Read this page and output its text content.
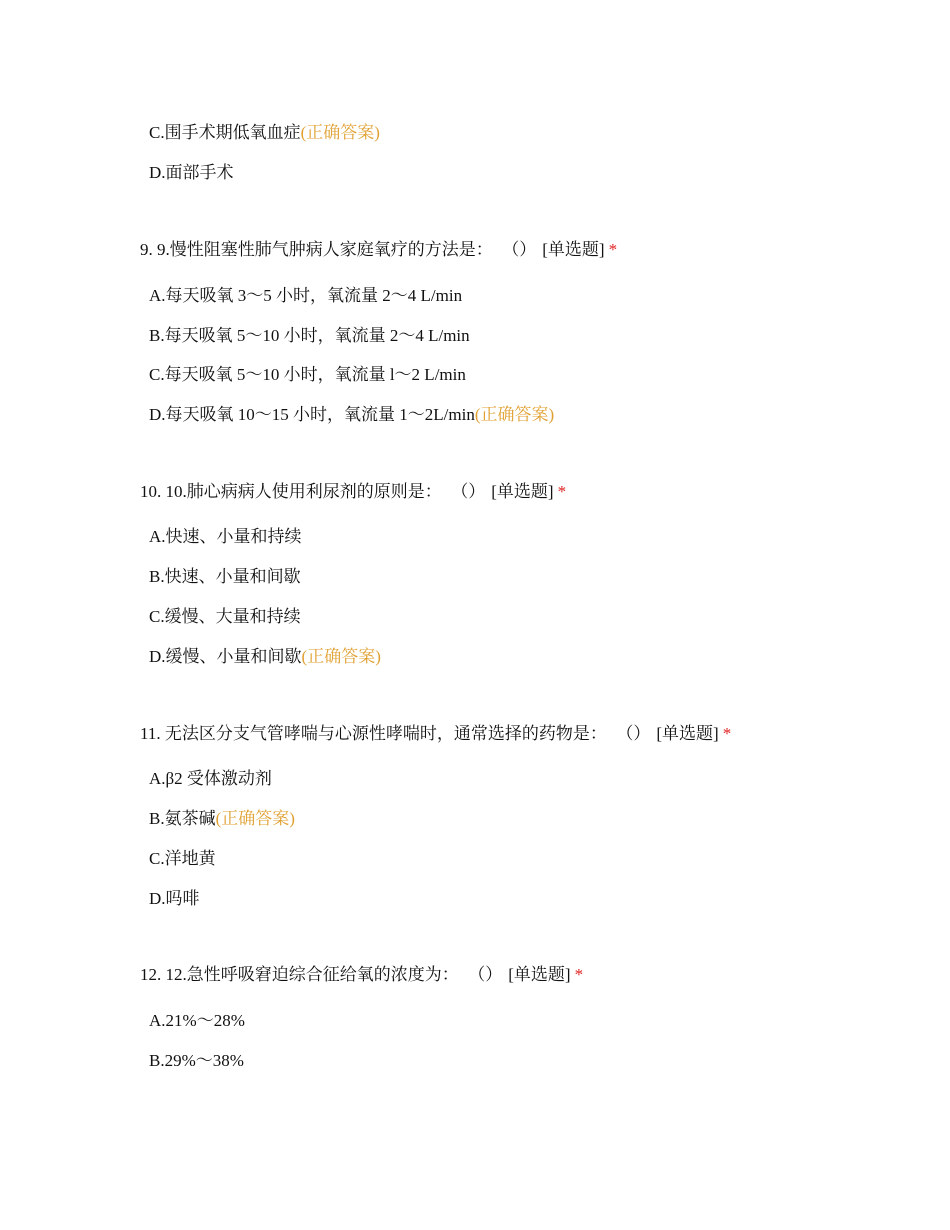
C.围手术期低氧血症(正确答案)
D.面部手术
9. 9.慢性阻塞性肺气肿病人家庭氧疗的方法是： （） [单选题] *
A.每天吸氧 3～5 小时，氧流量 2～4 L/min
B.每天吸氧 5～10 小时，氧流量 2～4 L/min
C.每天吸氧 5～10 小时，氧流量 l～2 L/min
D.每天吸氧 10～15 小时，氧流量 1～2L/min(正确答案)
10. 10.肺心病病人使用利尿剂的原则是： （） [单选题] *
A.快速、小量和持续
B.快速、小量和间歇
C.缓慢、大量和持续
D.缓慢、小量和间歇(正确答案)
11. 无法区分支气管哮喘与心源性哮喘时，通常选择的药物是： （） [单选题] *
A.β2 受体激动剂
B.氨茶碱(正确答案)
C.洋地黄
D.吗啡
12. 12.急性呼吸窘迫综合征给氧的浓度为： （） [单选题] *
A.21%～28%
B.29%～38%
